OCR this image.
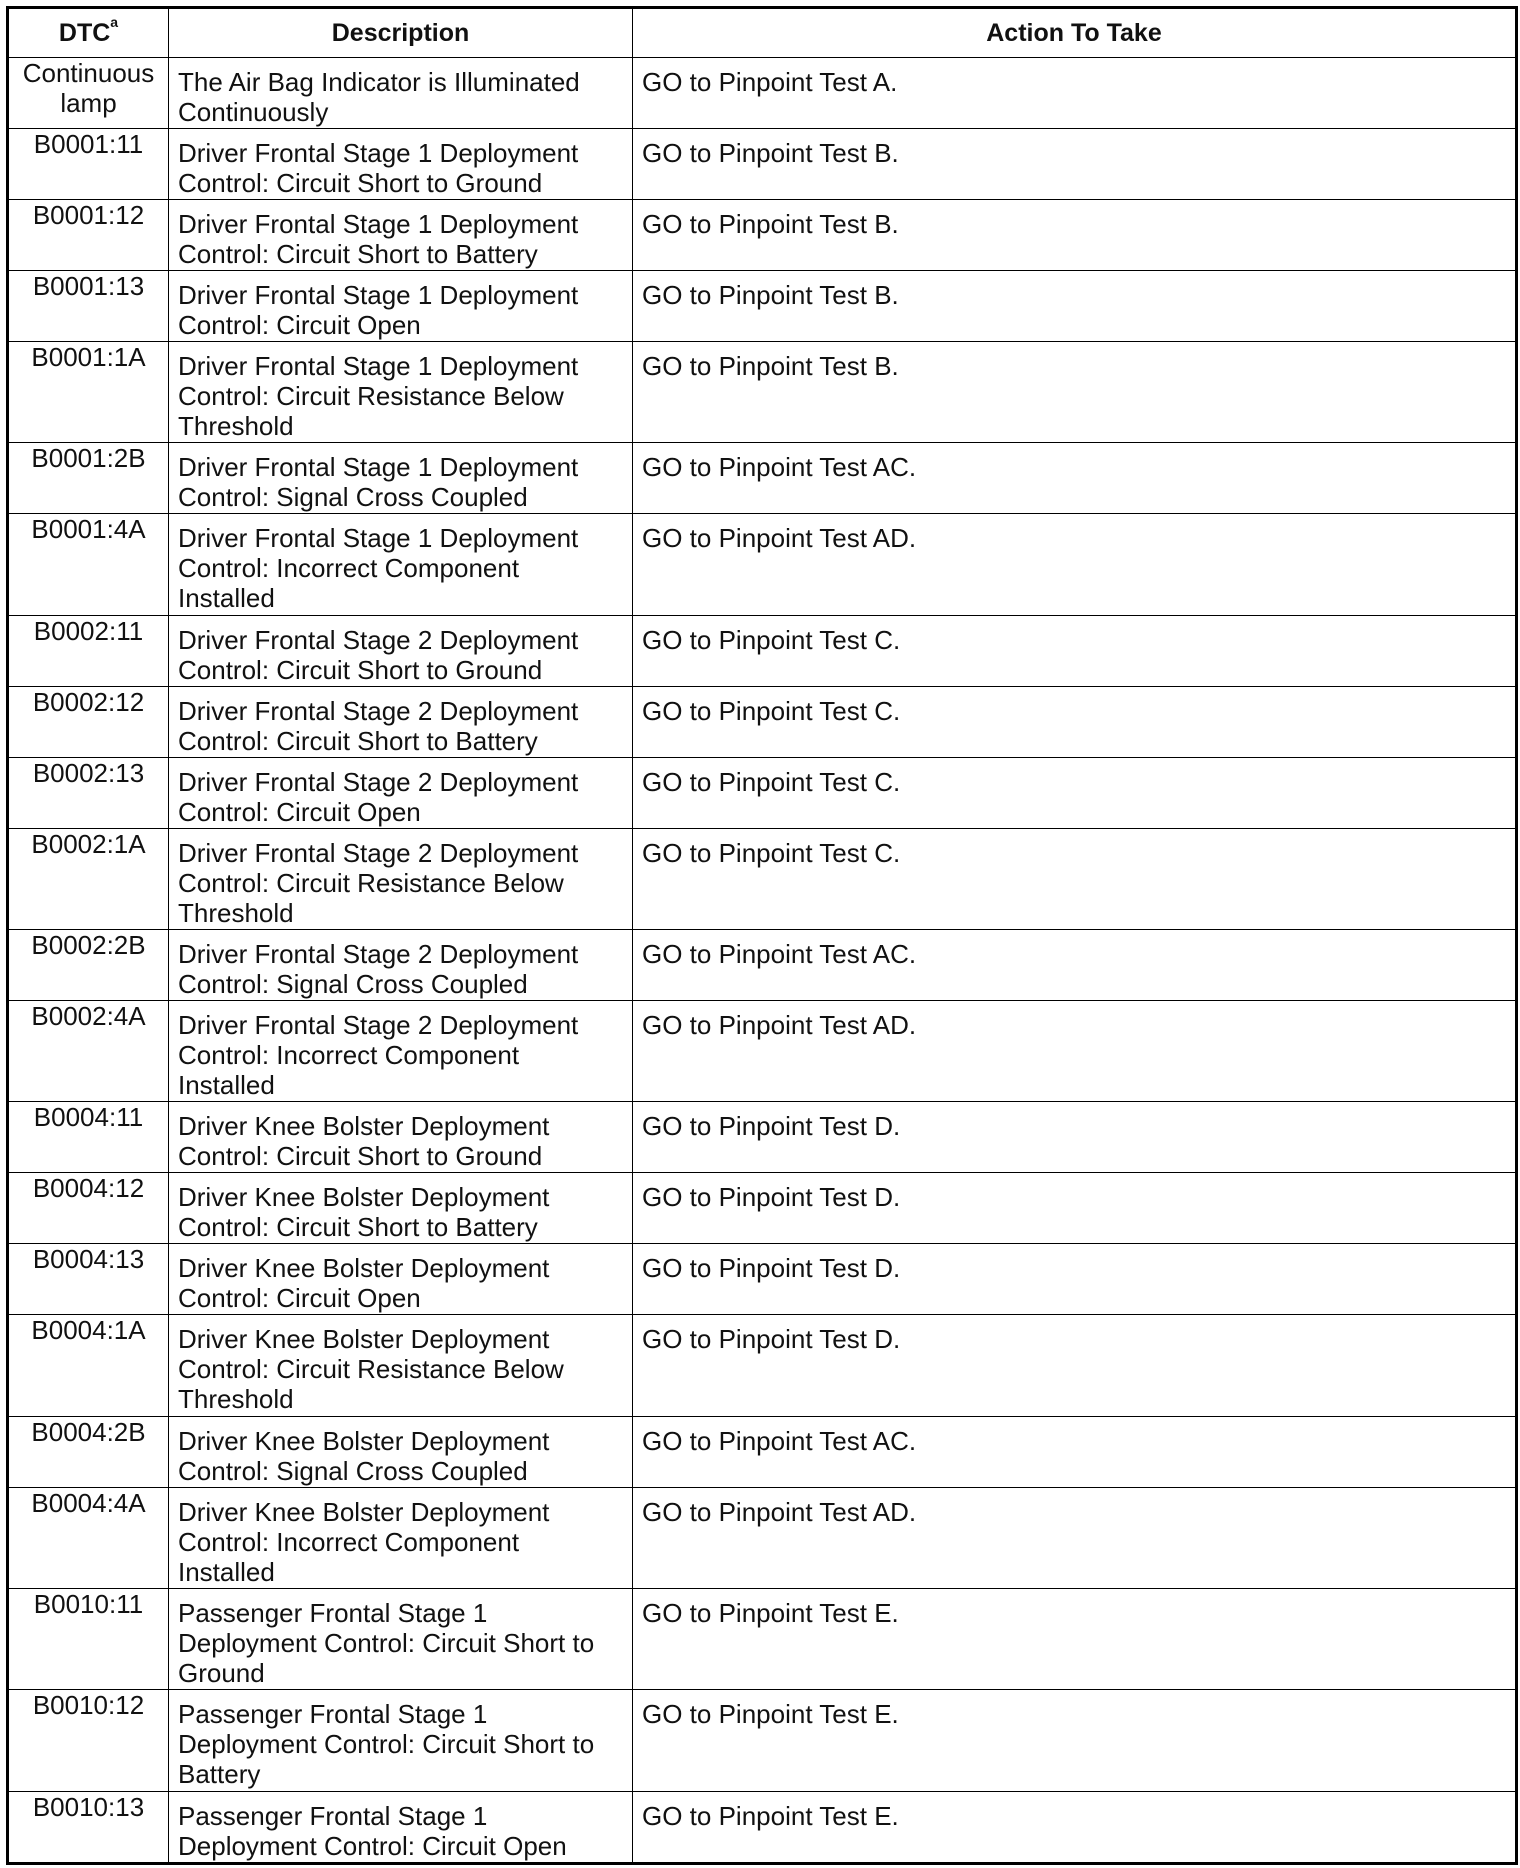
DTC$^a$	Description	Action To Take
Continuous lamp	The Air Bag Indicator is Illuminated Continuously	GO to Pinpoint Test A.
B0001:11	Driver Frontal Stage 1 Deployment Control: Circuit Short to Ground	GO to Pinpoint Test B.
B0001:12	Driver Frontal Stage 1 Deployment Control: Circuit Short to Battery	GO to Pinpoint Test B.
B0001:13	Driver Frontal Stage 1 Deployment Control: Circuit Open	GO to Pinpoint Test B.
B0001:1A	Driver Frontal Stage 1 Deployment Control: Circuit Resistance Below Threshold	GO to Pinpoint Test B.
B0001:2B	Driver Frontal Stage 1 Deployment Control: Signal Cross Coupled	GO to Pinpoint Test AC.
B0001:4A	Driver Frontal Stage 1 Deployment Control: Incorrect Component Installed	GO to Pinpoint Test AD.
B0002:11	Driver Frontal Stage 2 Deployment Control: Circuit Short to Ground	GO to Pinpoint Test C.
B0002:12	Driver Frontal Stage 2 Deployment Control: Circuit Short to Battery	GO to Pinpoint Test C.
B0002:13	Driver Frontal Stage 2 Deployment Control: Circuit Open	GO to Pinpoint Test C.
B0002:1A	Driver Frontal Stage 2 Deployment Control: Circuit Resistance Below Threshold	GO to Pinpoint Test C.
B0002:2B	Driver Frontal Stage 2 Deployment Control: Signal Cross Coupled	GO to Pinpoint Test AC.
B0002:4A	Driver Frontal Stage 2 Deployment Control: Incorrect Component Installed	GO to Pinpoint Test AD.
B0004:11	Driver Knee Bolster Deployment Control: Circuit Short to Ground	GO to Pinpoint Test D.
B0004:12	Driver Knee Bolster Deployment Control: Circuit Short to Battery	GO to Pinpoint Test D.
B0004:13	Driver Knee Bolster Deployment Control: Circuit Open	GO to Pinpoint Test D.
B0004:1A	Driver Knee Bolster Deployment Control: Circuit Resistance Below Threshold	GO to Pinpoint Test D.
B0004:2B	Driver Knee Bolster Deployment Control: Signal Cross Coupled	GO to Pinpoint Test AC.
B0004:4A	Driver Knee Bolster Deployment Control: Incorrect Component Installed	GO to Pinpoint Test AD.
B0010:11	Passenger Frontal Stage 1 Deployment Control: Circuit Short to Ground	GO to Pinpoint Test E.
B0010:12	Passenger Frontal Stage 1 Deployment Control: Circuit Short to Battery	GO to Pinpoint Test E.
B0010:13	Passenger Frontal Stage 1 Deployment Control: Circuit Open	GO to Pinpoint Test E.
